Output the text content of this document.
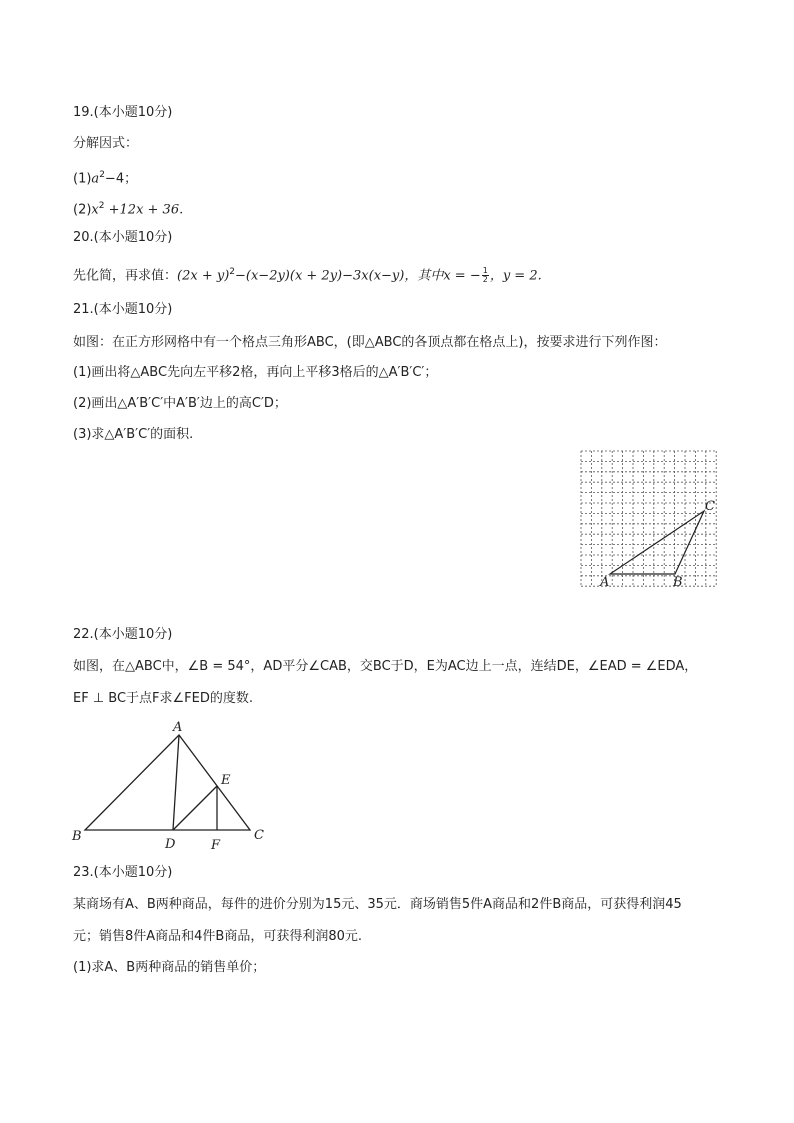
19.(本小题10分)
分解因式：
$(1)a^2-4$；
$(2)x^2 +12x + 36$.
20.(本小题10分)
先化简，再求值：$(2x + y)^2-(x-2y)(x + 2y)-3x(x-y)$，其中x = − $\frac{1}{2}$ ，y = 2.
21.(本小题10分)
如图：在正方形网格中有一个格点三角形ABC，(即△ABC的各顶点都在格点上)，按要求进行下列作图：
(1)画出将△ABC先向左平移2格，再向上平移3格后的△A′B′C′；
(2)画出△A′B′C′中A′B′边上的高C′D；
(3)求△A′B′C′的面积.
A	B
C
22.(本小题10分)
如图，在△ABC中，∠B = 54°，AD平分∠CAB，交BC于D，E为AC边上一点，连结DE，∠EAD = ∠EDA，
EF ⊥ BC于点F求∠FED的度数.
A
B	C
D
E
F
23.(本小题10分)
某商场有A、B两种商品，每件的进价分别为15元、35元．商场销售5件A商品和2件B商品，可获得利润45
元；销售8件A商品和4件B商品，可获得利润80元.
(1)求A、B两种商品的销售单价；
